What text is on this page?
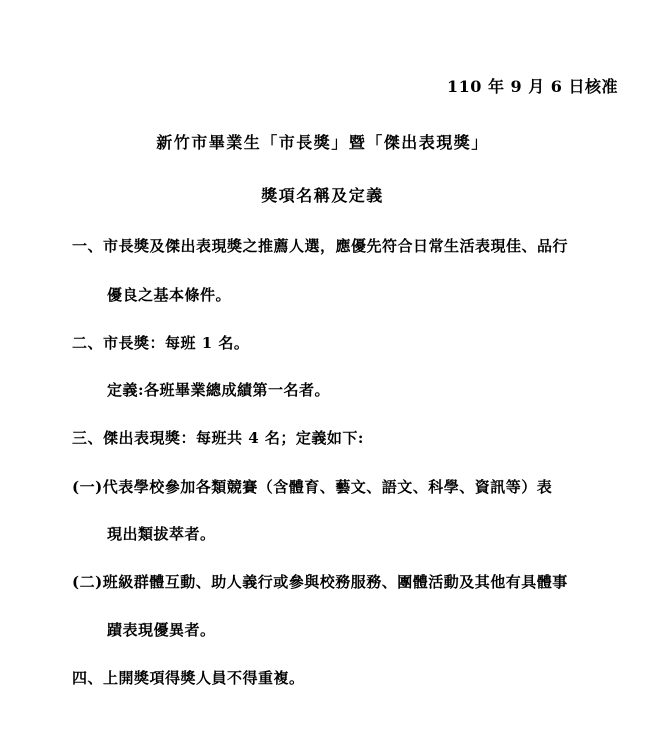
110 年 9 月 6 日核准
新竹市畢業生「市長獎」暨「傑出表現獎」
獎項名稱及定義
一、市長獎及傑出表現獎之推薦人選，應優先符合日常生活表現佳、品行
優良之基本條件。
二、市長獎：每班 1 名。
定義:各班畢業總成績第一名者。
三、傑出表現獎：每班共 4 名；定義如下:
(一)代表學校參加各類競賽（含體育、藝文、語文、科學、資訊等）表
現出類拔萃者。
(二)班級群體互動、助人義行或參與校務服務、團體活動及其他有具體事
蹟表現優異者。
四、上開獎項得獎人員不得重複。
